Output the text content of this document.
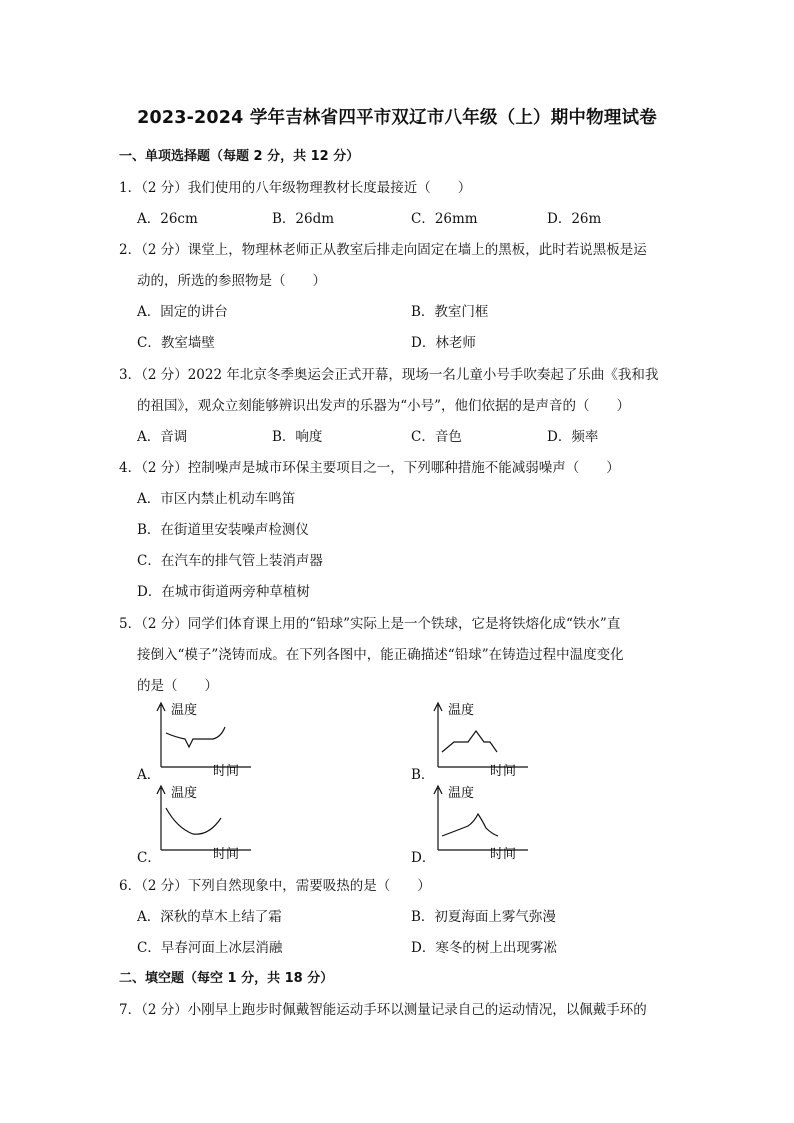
2023-2024 学年吉林省四平市双辽市八年级（上）期中物理试卷
一、单项选择题（每题 2 分，共 12 分）
1．（2 分）我们使用的八年级物理教材长度最接近（　　）
A．26cm	B．26dm	C．26mm	D．26m
2．（2 分）课堂上，物理林老师正从教室后排走向固定在墙上的黑板，此时若说黑板是运
动的，所选的参照物是（　　）
A．固定的讲台	B．教室门框
C．教室墙壁	D．林老师
3．（2 分）2022 年北京冬季奥运会正式开幕，现场一名儿童小号手吹奏起了乐曲《我和我
的祖国》，观众立刻能够辨识出发声的乐器为“小号”，他们依据的是声音的（　　）
A．音调	B．响度	C．音色	D．频率
4．（2 分）控制噪声是城市环保主要项目之一，下列哪种措施不能减弱噪声（　　）
A．市区内禁止机动车鸣笛
B．在街道里安装噪声检测仪
C．在汽车的排气管上装消声器
D．在城市街道两旁种草植树
5．（2 分）同学们体育课上用的“铅球”实际上是一个铁球，它是将铁熔化成“铁水”直
接倒入“模子”浇铸而成。在下列各图中，能正确描述“铅球”在铸造过程中温度变化
的是（　　）
A．
温度
时间	B．
温度
时间
C．
温度
时间	D．
温度
时间
6．（2 分）下列自然现象中，需要吸热的是（　　）
A．深秋的草木上结了霜	B．初夏海面上雾气弥漫
C．早春河面上冰层消融	D．寒冬的树上出现雾凇
二、填空题（每空 1 分，共 18 分）
7．（2 分）小刚早上跑步时佩戴智能运动手环以测量记录自己的运动情况，以佩戴手环的
